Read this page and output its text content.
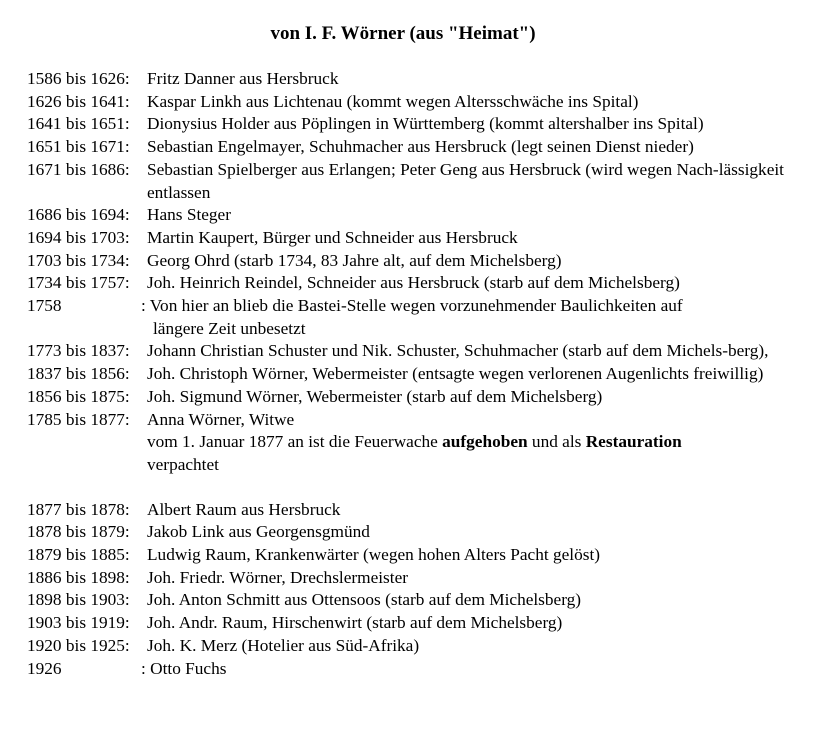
von I. F. Wörner (aus "Heimat")
1586 bis 1626: Fritz Danner aus Hersbruck
1626 bis 1641: Kaspar Linkh aus Lichtenau (kommt wegen Altersschwäche ins Spital)
1641 bis 1651: Dionysius Holder aus Pöplingen in Württemberg (kommt altershalber ins Spital)
1651 bis 1671: Sebastian Engelmayer, Schuhmacher aus Hersbruck (legt seinen Dienst nieder)
1671 bis 1686: Sebastian Spielberger aus Erlangen; Peter Geng aus Hersbruck (wird wegen Nach-lässigkeit entlassen
1686 bis 1694: Hans Steger
1694 bis 1703: Martin Kaupert, Bürger und Schneider aus Hersbruck
1703 bis 1734: Georg Ohrd (starb 1734, 83 Jahre alt, auf dem Michelsberg)
1734 bis 1757: Joh. Heinrich Reindel, Schneider aus Hersbruck (starb auf dem Michelsberg)
1758	: Von hier an blieb die Bastei-Stelle wegen vorzunehmender Baulichkeiten auf
längere Zeit unbesetzt
1773 bis 1837: Johann Christian Schuster und Nik. Schuster, Schuhmacher (starb auf dem Michels-berg),
1837 bis 1856: Joh. Christoph Wörner, Webermeister (entsagte wegen verlorenen Augenlichts freiwillig)
1856 bis 1875: Joh. Sigmund Wörner, Webermeister (starb auf dem Michelsberg)
1785 bis 1877: Anna Wörner, Witwe
vom 1. Januar 1877 an ist die Feuerwache aufgehoben und als Restauration
verpachtet
1877 bis 1878: Albert Raum aus Hersbruck
1878 bis 1879: Jakob Link aus Georgensgmünd
1879 bis 1885: Ludwig Raum, Krankenwärter (wegen hohen Alters Pacht gelöst)
1886 bis 1898: Joh. Friedr. Wörner, Drechslermeister
1898 bis 1903: Joh. Anton Schmitt aus Ottensoos (starb auf dem Michelsberg)
1903 bis 1919: Joh. Andr. Raum, Hirschenwirt (starb auf dem Michelsberg)
1920 bis 1925: Joh. K. Merz (Hotelier aus Süd-Afrika)
1926	: Otto Fuchs
